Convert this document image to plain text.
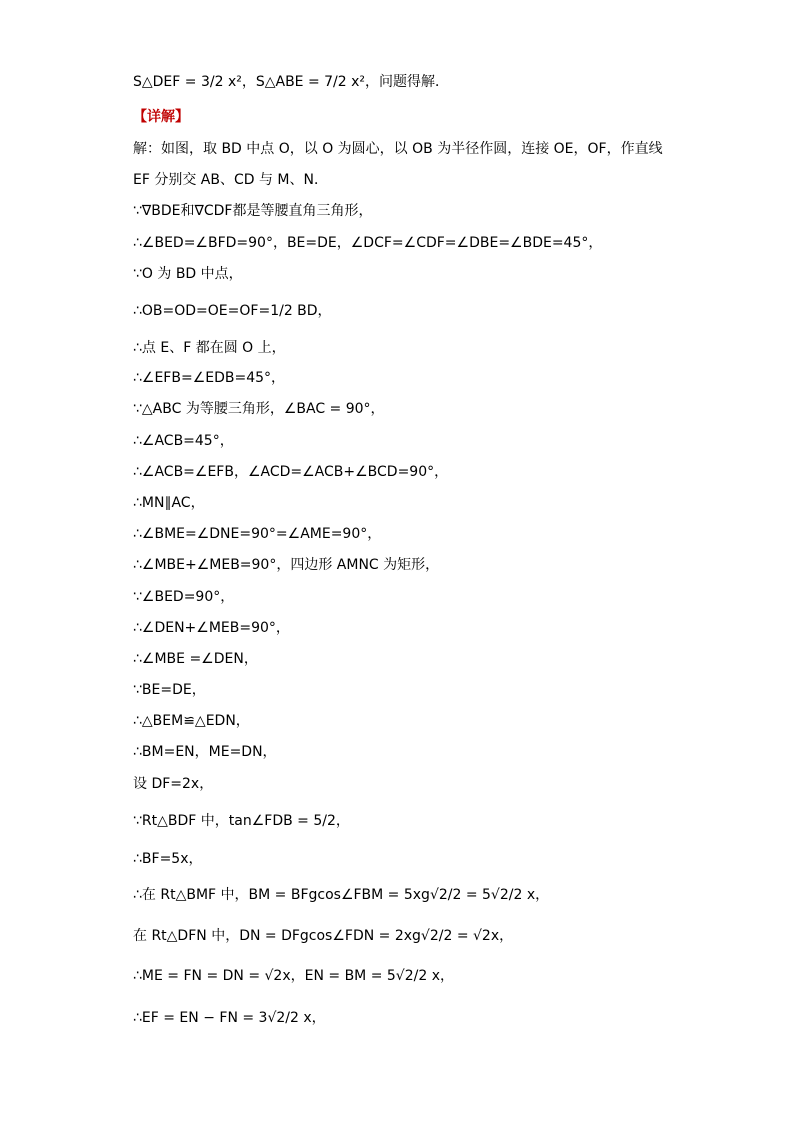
S△DEF = 3/2 x²，S△ABE = 7/2 x²，问题得解．
【详解】
解：如图，取 BD 中点 O，以 O 为圆心，以 OB 为半径作圆，连接 OE，OF，作直线
EF 分别交 AB、CD 与 M、N．
∵∇BDE和∇CDF都是等腰直角三角形，
∴∠BED=∠BFD=90°，BE=DE，∠DCF=∠CDF=∠DBE=∠BDE=45°，
∵O 为 BD 中点，
∴OB=OD=OE=OF=1/2 BD，
∴点 E、F 都在圆 O 上，
∴∠EFB=∠EDB=45°，
∵△ABC 为等腰三角形，∠BAC = 90°，
∴∠ACB=45°，
∴∠ACB=∠EFB，∠ACD=∠ACB+∠BCD=90°，
∴MN∥AC，
∴∠BME=∠DNE=90°=∠AME=90°，
∴∠MBE+∠MEB=90°，四边形 AMNC 为矩形，
∵∠BED=90°，
∴∠DEN+∠MEB=90°，
∴∠MBE =∠DEN，
∵BE=DE，
∴△BEM≌△EDN，
∴BM=EN，ME=DN，
设 DF=2x，
∵Rt△BDF 中，tan∠FDB = 5/2，
∴BF=5x，
∴在 Rt△BMF 中，BM = BFgcos∠FBM = 5xg√2/2 = 5√2/2 x，
在 Rt△DFN 中，DN = DFgcos∠FDN = 2xg√2/2 = √2x，
∴ME = FN = DN = √2x，EN = BM = 5√2/2 x，
∴EF = EN − FN = 3√2/2 x，
